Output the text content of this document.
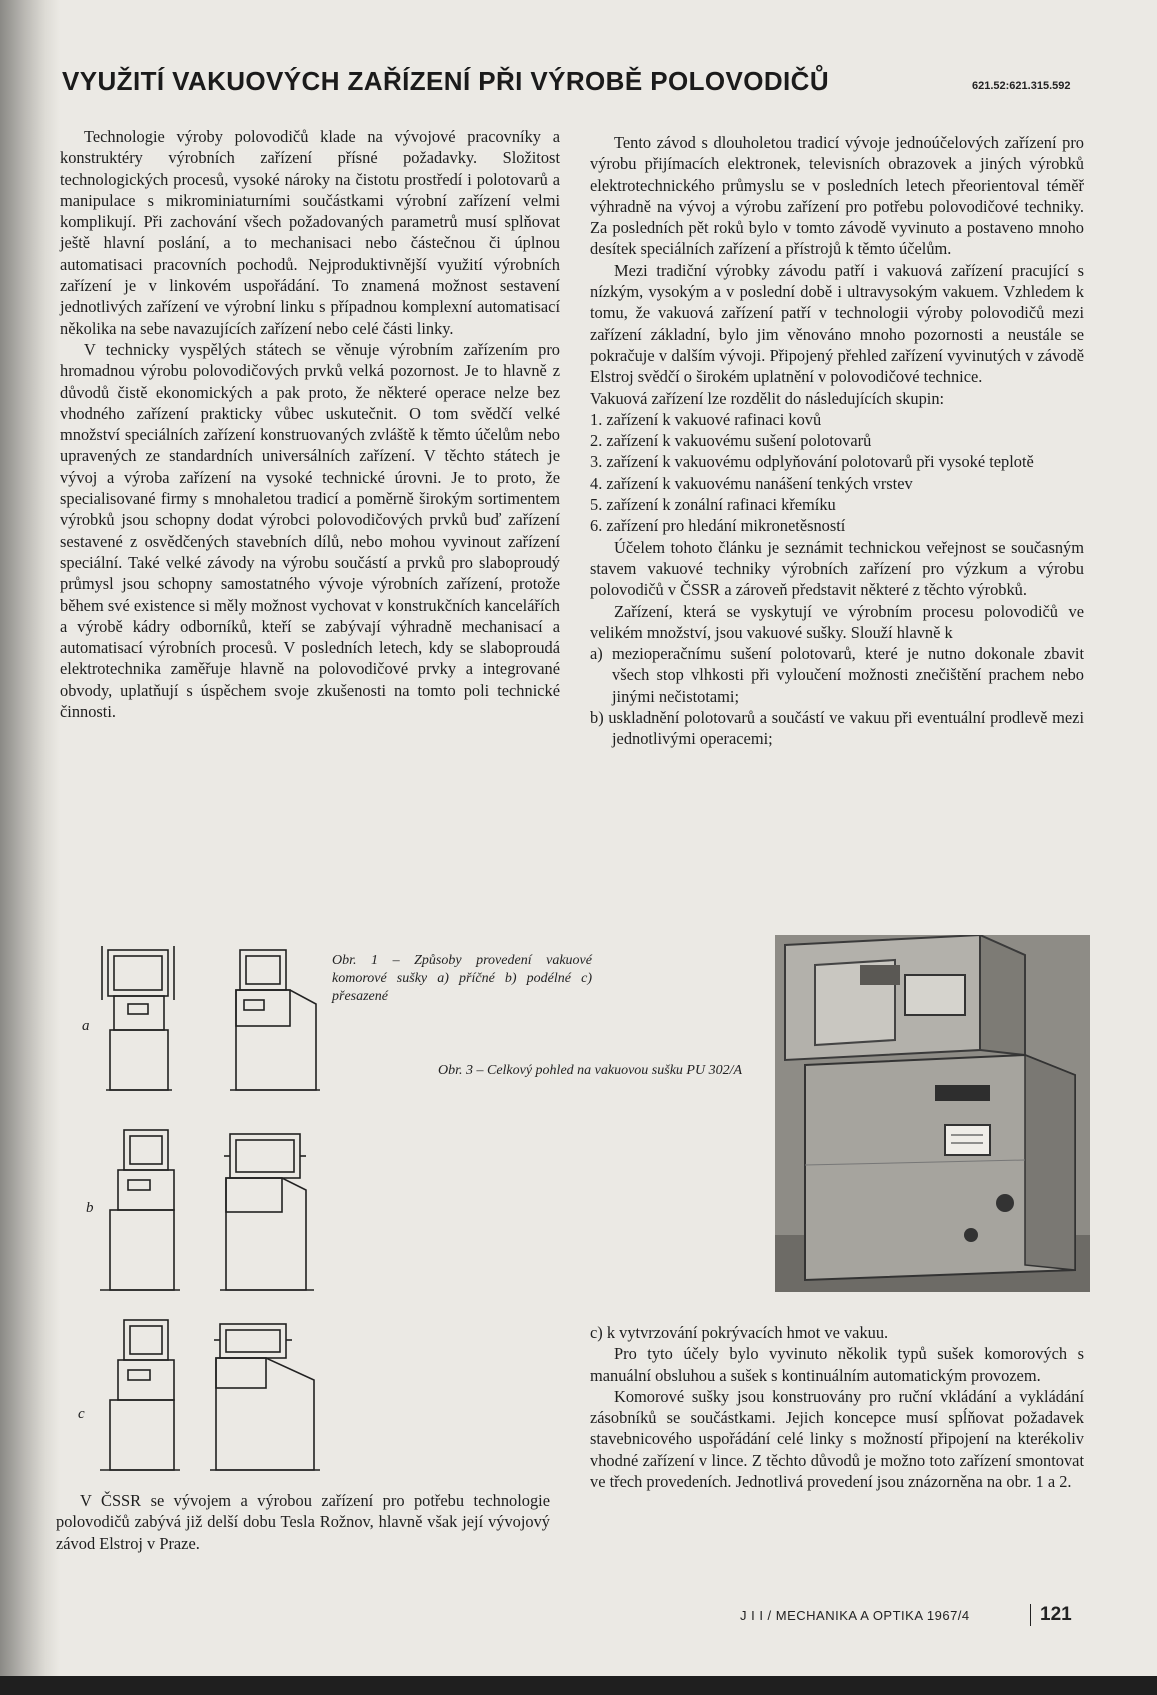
VYUŽITÍ VAKUOVÝCH ZAŘÍZENÍ PŘI VÝROBĚ POLOVODIČŮ	621.52:621.315.592

Technologie výroby polovodičů klade na vývojové pracovníky a konstruktéry výrobních zařízení přísné požadavky. Složitost technologických procesů, vysoké nároky na čistotu prostředí i polotovarů a manipulace s mikrominiaturními součástkami výrobní zařízení velmi komplikují. Při zachování všech požadovaných parametrů musí splňovat ještě hlavní poslání, a to mechanisaci nebo částečnou či úplnou automatisaci pracovních pochodů. Nejproduktivnější využití výrobních zařízení je v linkovém uspořádání. To znamená možnost sestavení jednotlivých zařízení ve výrobní linku s případnou komplexní automatisací několika na sebe navazujících zařízení nebo celé části linky.

V technicky vyspělých státech se věnuje výrobním zařízením pro hromadnou výrobu polovodičových prvků velká pozornost. Je to hlavně z důvodů čistě ekonomických a pak proto, že některé operace nelze bez vhodného zařízení prakticky vůbec uskutečnit. O tom svědčí velké množství speciálních zařízení konstruovaných zvláště k těmto účelům nebo upravených ze standardních universálních zařízení. V těchto státech je vývoj a výroba zařízení na vysoké technické úrovni. Je to proto, že specialisované firmy s mnohaletou tradicí a poměrně širokým sortimentem výrobků jsou schopny dodat výrobci polovodičových prvků buď zařízení sestavené z osvědčených stavebních dílů, nebo mohou vyvinout zařízení speciální. Také velké závody na výrobu součástí a prvků pro slaboproudý průmysl jsou schopny samostatného vývoje výrobních zařízení, protože během své existence si měly možnost vychovat v konstrukčních kancelářích a výrobě kádry odborníků, kteří se zabývají výhradně mechanisací a automatisací výrobních procesů. V posledních letech, kdy se slaboproudá elektrotechnika zaměřuje hlavně na polovodičové prvky a integrované obvody, uplatňují s úspěchem svoje zkušenosti na tomto poli technické činnosti.

Tento závod s dlouholetou tradicí vývoje jednoúčelových zařízení pro výrobu přijímacích elektronek, televisních obrazovek a jiných výrobků elektrotechnického průmyslu se v posledních letech přeorientoval téměř výhradně na vývoj a výrobu zařízení pro potřebu polovodičové techniky. Za posledních pět roků bylo v tomto závodě vyvinuto a postaveno mnoho desítek speciálních zařízení a přístrojů k těmto účelům.

Mezi tradiční výrobky závodu patří i vakuová zařízení pracující s nízkým, vysokým a v poslední době i ultravysokým vakuem. Vzhledem k tomu, že vakuová zařízení patří v technologii výroby polovodičů mezi zařízení základní, bylo jim věnováno mnoho pozornosti a neustále se pokračuje v dalším vývoji. Připojený přehled zařízení vyvinutých v závodě Elstroj svědčí o širokém uplatnění v polovodičové technice.

Vakuová zařízení lze rozdělit do následujících skupin:

1. zařízení k vakuové rafinaci kovů
2. zařízení k vakuovému sušení polotovarů
3. zařízení k vakuovému odplyňování polotovarů při vysoké teplotě
4. zařízení k vakuovému nanášení tenkých vrstev
5. zařízení k zonální rafinaci křemíku
6. zařízení pro hledání mikronetěsností

Účelem tohoto článku je seznámit technickou veřejnost se současným stavem vakuové techniky výrobních zařízení pro výzkum a výrobu polovodičů v ČSSR a zároveň představit některé z těchto výrobků.

Zařízení, která se vyskytují ve výrobním procesu polovodičů ve velikém množství, jsou vakuové sušky. Slouží hlavně k

a) mezioperačnímu sušení polotovarů, které je nutno dokonale zbavit všech stop vlhkosti při vyloučení možnosti znečištění prachem nebo jinými nečistotami;
b) uskladnění polotovarů a součástí ve vakuu při eventuální prodlevě mezi jednotlivými operacemi;

c) k vytvrzování pokrývacích hmot ve vakuu.

Pro tyto účely bylo vyvinuto několik typů sušek komorových s manuální obsluhou a sušek s kontinuálním automatickým provozem.

Komorové sušky jsou konstruovány pro ruční vkládání a vykládání zásobníků se součástkami. Jejich koncepce musí spĺňovat požadavek stavebnicového uspořádání celé linky s možností připojení na kterékoliv vhodné zařízení v lince. Z těchto důvodů je možno toto zařízení smontovat ve třech provedeních. Jednotlivá provedení jsou znázorněna na obr. 1 a 2.

V ČSSR se vývojem a výrobou zařízení pro potřebu technologie polovodičů zabývá již delší dobu Tesla Rožnov, hlavně však její vývojový závod Elstroj v Praze.

a
b
c
Obr. 1 – Způsoby provedení vakuové komorové sušky a) příčné b) podélné c) přesazené
Obr. 3 – Celkový pohled na vakuovou sušku PU 302/A
J I I / MECHANIKA A OPTIKA 1967/4	121
